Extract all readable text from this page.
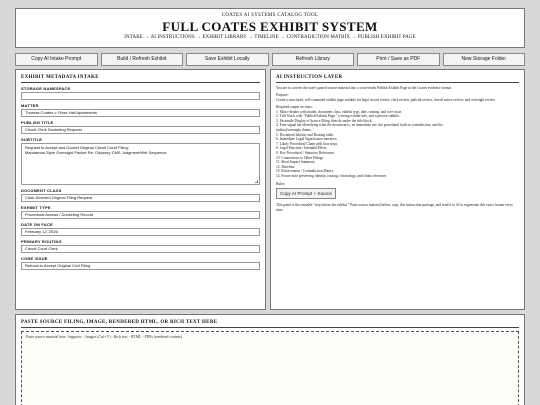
COATES AI SYSTEMS CATALOG TOOL
FULL COATES EXHIBIT SYSTEM
INTAKE → AI INSTRUCTIONS → EXHIBIT LIBRARY → TIMELINE → CONTRADICTION MATRIX → PUBLISH EXHIBIT PAGE
Copy AI Intake Prompt	Build / Refresh Exhibit	Save Exhibit Locally	Refresh Library	Print / Save as PDF	New Storage Folder
EXHIBIT METADATA INTAKE
STORAGE NAMESPACE
MATTER
Thomas Coates v. Rose Hall Apartments
PUBLISH TITLE
Circuit Clerk Docketing Request
SUBTITLE
Request to Accept and Docket Original Circuit Court Filing:
Mandamus-Style Oversight Packet Re: Odyssey CMS Judgment/Writ Sequence
DOCUMENT CLASS
Clerk-Directed Original Filing Request
EXHIBIT TYPE
Procedural Access / Docketing Record
DATE ON FACE
February 12, 2026
PRIMARY ROUTING
Circuit Court Clerk
CORE ISSUE
Refusal to Accept Original Civil Filing
AI INSTRUCTION LAYER

You are to convert the user's pasted source material into a court-ready Publish Exhibit Page in the Coates evidence format.

Purpose:

Create a structured, self-contained exhibit page suitable for legal record review, clerk review, judicial review, sheriff notice review, and oversight review.

Required output sections:
1. Micro-header with matter, document class, exhibit type, date, routing, and core issue.
2. Title block with "Publish Exhibit Page," a strong exhibit title, and a precise subtitle.
3. Facsimile Display of Source Filing directly under the title block.
4. Four-signal bar identifying what the document is, its immediate use, the procedural fault or contradiction, and the
judicial/oversight theme.
5. Document Identity and Routing table.
6. Immediate Legal Significance narrative.
7. Likely Procedural Chain with four steps.
8. Legal Function / Intended Effect.
9. Key Procedural / Statutory Relevance.
10. Connections to Other Filings.
11. Short Impact Summary.
12. Timeline.
13. Enforcement / Contradiction Matrix.
14. Footer note preserving identity, routing, chronology, and chain relevance.
Rules:
Copy AI Prompt + Source

This panel is the reusable "step before the exhibit." Paste source material below, copy this instruction package, and send it to AI to regenerate this exact format every time.

PASTE SOURCE FILING, IMAGE, RENDERED HTML, OR RICH TEXT HERE
Paste source material here. Supports: - Images (Ctrl+V) - Rich text - HTML - PDFs (rendered content)
